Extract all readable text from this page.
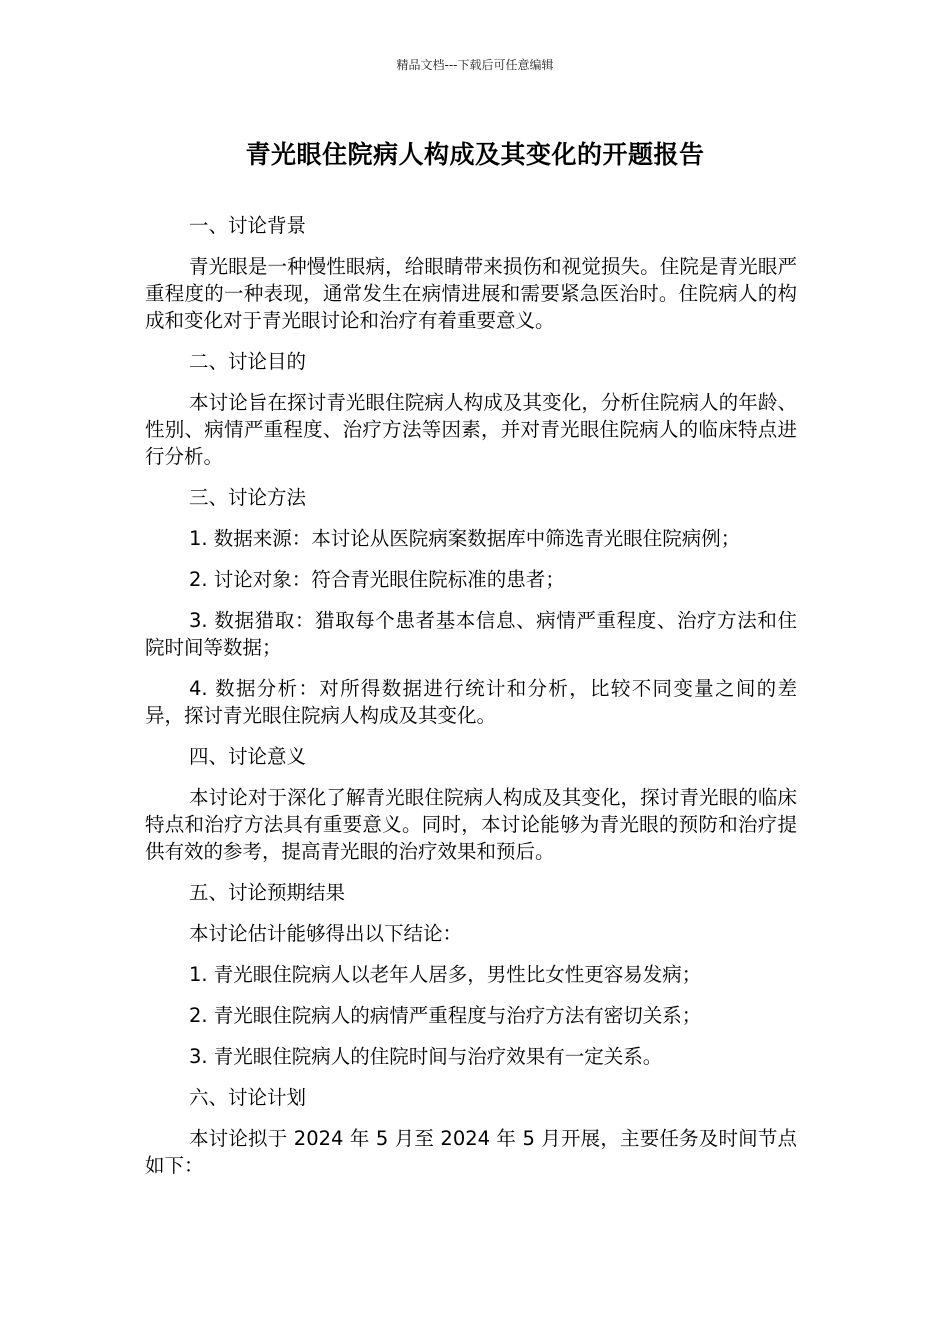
精品文档---下载后可任意编辑
青光眼住院病人构成及其变化的开题报告

一、讨论背景

青光眼是一种慢性眼病，给眼睛带来损伤和视觉损失。住院是青光眼严重程度的一种表现，通常发生在病情进展和需要紧急医治时。住院病人的构成和变化对于青光眼讨论和治疗有着重要意义。

二、讨论目的

本讨论旨在探讨青光眼住院病人构成及其变化，分析住院病人的年龄、性别、病情严重程度、治疗方法等因素，并对青光眼住院病人的临床特点进行分析。

三、讨论方法

1. 数据来源：本讨论从医院病案数据库中筛选青光眼住院病例；

2. 讨论对象：符合青光眼住院标准的患者；

3. 数据猎取：猎取每个患者基本信息、病情严重程度、治疗方法和住院时间等数据；

4. 数据分析：对所得数据进行统计和分析，比较不同变量之间的差异，探讨青光眼住院病人构成及其变化。

四、讨论意义

本讨论对于深化了解青光眼住院病人构成及其变化，探讨青光眼的临床特点和治疗方法具有重要意义。同时，本讨论能够为青光眼的预防和治疗提供有效的参考，提高青光眼的治疗效果和预后。

五、讨论预期结果

本讨论估计能够得出以下结论：

1. 青光眼住院病人以老年人居多，男性比女性更容易发病；

2. 青光眼住院病人的病情严重程度与治疗方法有密切关系；

3. 青光眼住院病人的住院时间与治疗效果有一定关系。

六、讨论计划

本讨论拟于 2024 年 5 月至 2024 年 5 月开展，主要任务及时间节点如下：
